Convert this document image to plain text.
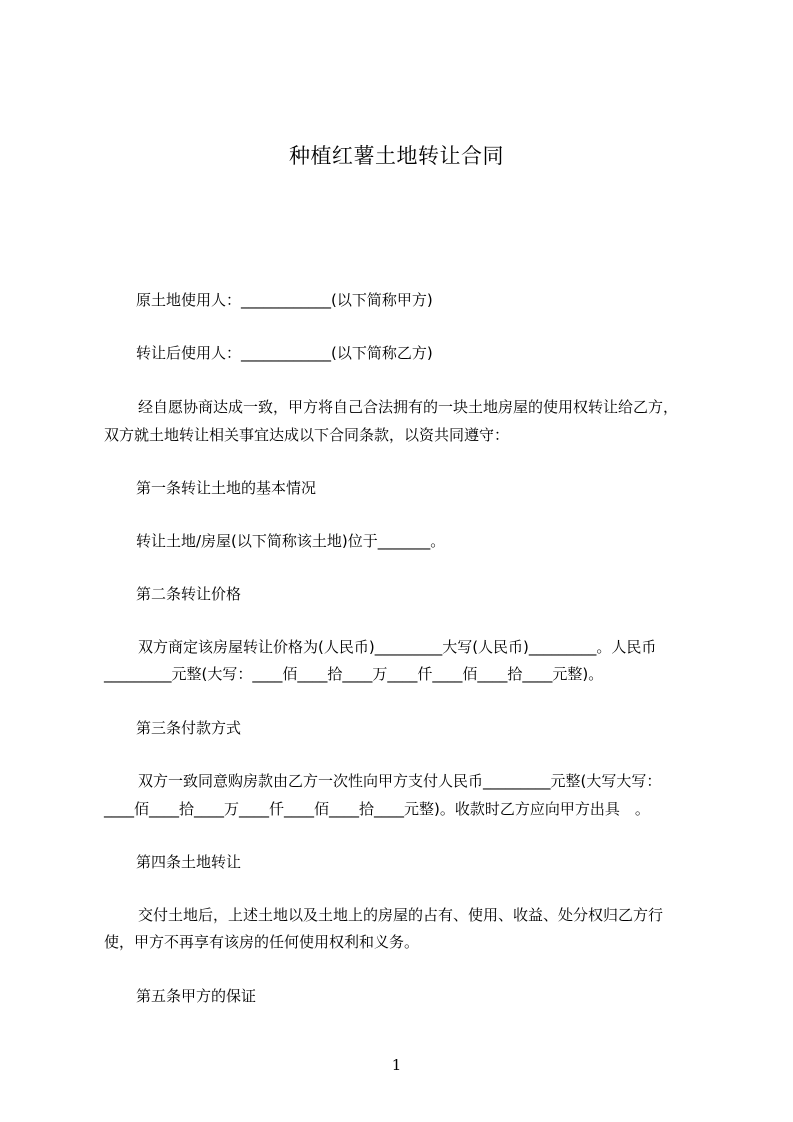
种植红薯土地转让合同
原土地使用人：____________(以下简称甲方)
转让后使用人：____________(以下简称乙方)
经自愿协商达成一致，甲方将自己合法拥有的一块土地房屋的使用权转让给乙方，
双方就土地转让相关事宜达成以下合同条款，以资共同遵守：
第一条转让土地的基本情况
转让土地/房屋(以下简称该土地)位于_______。
第二条转让价格
双方商定该房屋转让价格为(人民币)_________大写(人民币)_________。人民币
_________元整(大写：____佰____拾____万____仟____佰____拾____元整)。
第三条付款方式
双方一致同意购房款由乙方一次性向甲方支付人民币_________元整(大写大写：
____佰____拾____万____仟____佰____拾____元整)。收款时乙方应向甲方出具　。
第四条土地转让
交付土地后，上述土地以及土地上的房屋的占有、使用、收益、处分权归乙方行
使，甲方不再享有该房的任何使用权利和义务。
第五条甲方的保证
1
